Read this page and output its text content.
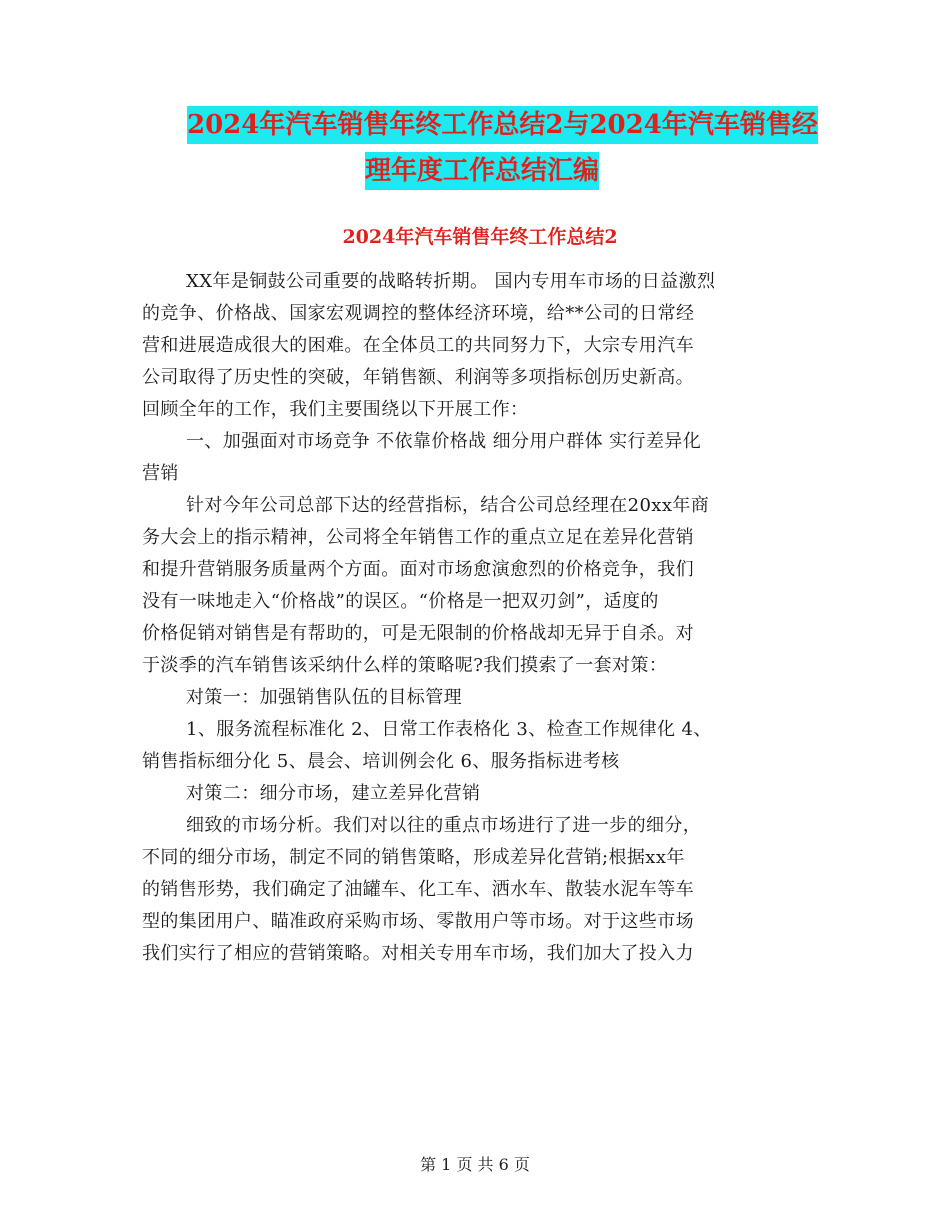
2024年汽车销售年终工作总结2与2024年汽车销售经
理年度工作总结汇编
2024年汽车销售年终工作总结2
XX年是铜鼓公司重要的战略转折期。 国内专用车市场的日益激烈
的竞争、价格战、国家宏观调控的整体经济环境，给**公司的日常经
营和进展造成很大的困难。在全体员工的共同努力下，大宗专用汽车
公司取得了历史性的突破，年销售额、利润等多项指标创历史新高。
回顾全年的工作，我们主要围绕以下开展工作：
一、加强面对市场竞争 不依靠价格战 细分用户群体 实行差异化
营销
针对今年公司总部下达的经营指标，结合公司总经理在20xx年商
务大会上的指示精神，公司将全年销售工作的重点立足在差异化营销
和提升营销服务质量两个方面。面对市场愈演愈烈的价格竞争，我们
没有一味地走入“价格战”的误区。“价格是一把双刃剑”，适度的
价格促销对销售是有帮助的，可是无限制的价格战却无异于自杀。对
于淡季的汽车销售该采纳什么样的策略呢?我们摸索了一套对策：
对策一：加强销售队伍的目标管理
1、服务流程标准化 2、日常工作表格化 3、检查工作规律化 4、
销售指标细分化 5、晨会、培训例会化 6、服务指标进考核
对策二：细分市场，建立差异化营销
细致的市场分析。我们对以往的重点市场进行了进一步的细分，
不同的细分市场，制定不同的销售策略，形成差异化营销;根据xx年
的销售形势，我们确定了油罐车、化工车、洒水车、散装水泥车等车
型的集团用户、瞄准政府采购市场、零散用户等市场。对于这些市场
我们实行了相应的营销策略。对相关专用车市场，我们加大了投入力
第 1 页 共 6 页
